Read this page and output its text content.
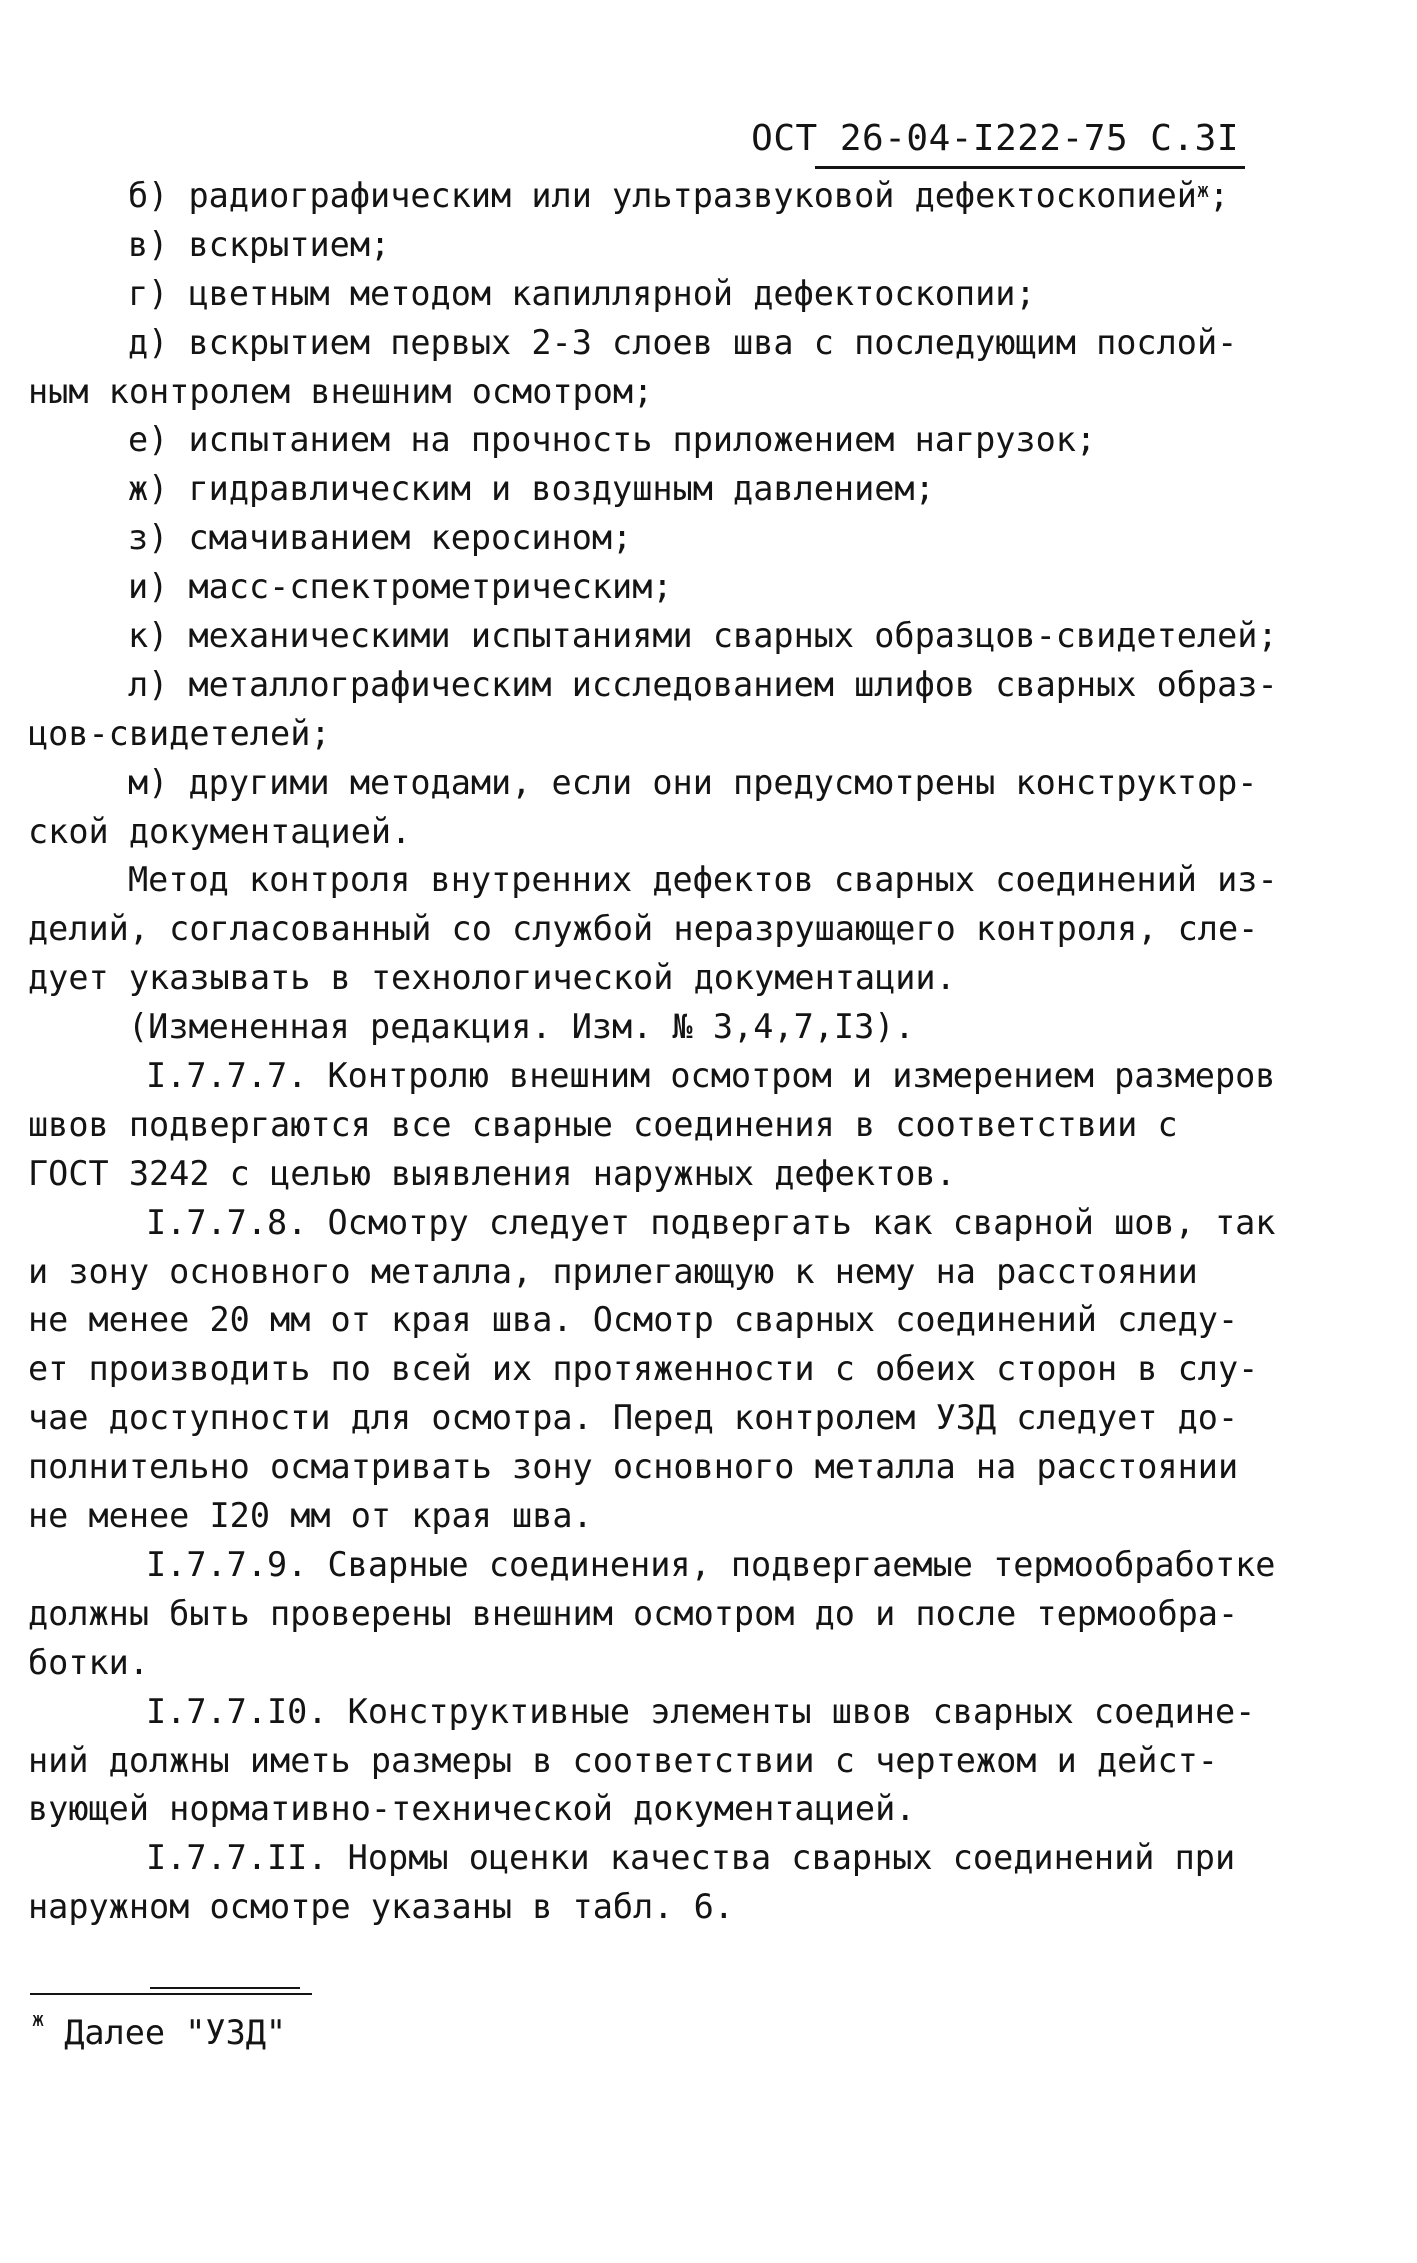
ОСТ 26-04-I222-75 С.3I
б) радиографическим или ультразвуковой дефектоскопией$^ж$;
в) вскрытием;
г) цветным методом капиллярной дефектоскопии;
д) вскрытием первых 2-3 слоев шва с последующим послой-
ным контролем внешним осмотром;
е) испытанием на прочность приложением нагрузок;
ж) гидравлическим и воздушным давлением;
з) смачиванием керосином;
и) масс-спектрометрическим;
к) механическими испытаниями сварных образцов-свидетелей;
л) металлографическим исследованием шлифов сварных образ-
цов-свидетелей;
м) другими методами, если они предусмотрены конструктор-
ской документацией.
Метод контроля внутренних дефектов сварных соединений из-
делий, согласованный со службой неразрушающего контроля, сле-
дует указывать в технологической документации.
(Измененная редакция. Изм. № 3,4,7,I3).
I.7.7.7. Контролю внешним осмотром и измерением размеров
швов подвергаются все сварные соединения в соответствии с
ГОСТ 3242 с целью выявления наружных дефектов.
I.7.7.8. Осмотру следует подвергать как сварной шов, так
и зону основного металла, прилегающую к нему на расстоянии
не менее 20 мм от края шва. Осмотр сварных соединений следу-
ет производить по всей их протяженности с обеих сторон в слу-
чае доступности для осмотра. Перед контролем УЗД следует до-
полнительно осматривать зону основного металла на расстоянии
не менее I20 мм от края шва.
I.7.7.9. Сварные соединения, подвергаемые термообработке
должны быть проверены внешним осмотром до и после термообра-
ботки.
I.7.7.I0. Конструктивные элементы швов сварных соедине-
ний должны иметь размеры в соответствии с чертежом и дейст-
вующей нормативно-технической документацией.
I.7.7.II. Нормы оценки качества сварных соединений при
наружном осмотре указаны в табл. 6.
$^ж$ Далее "УЗД"
